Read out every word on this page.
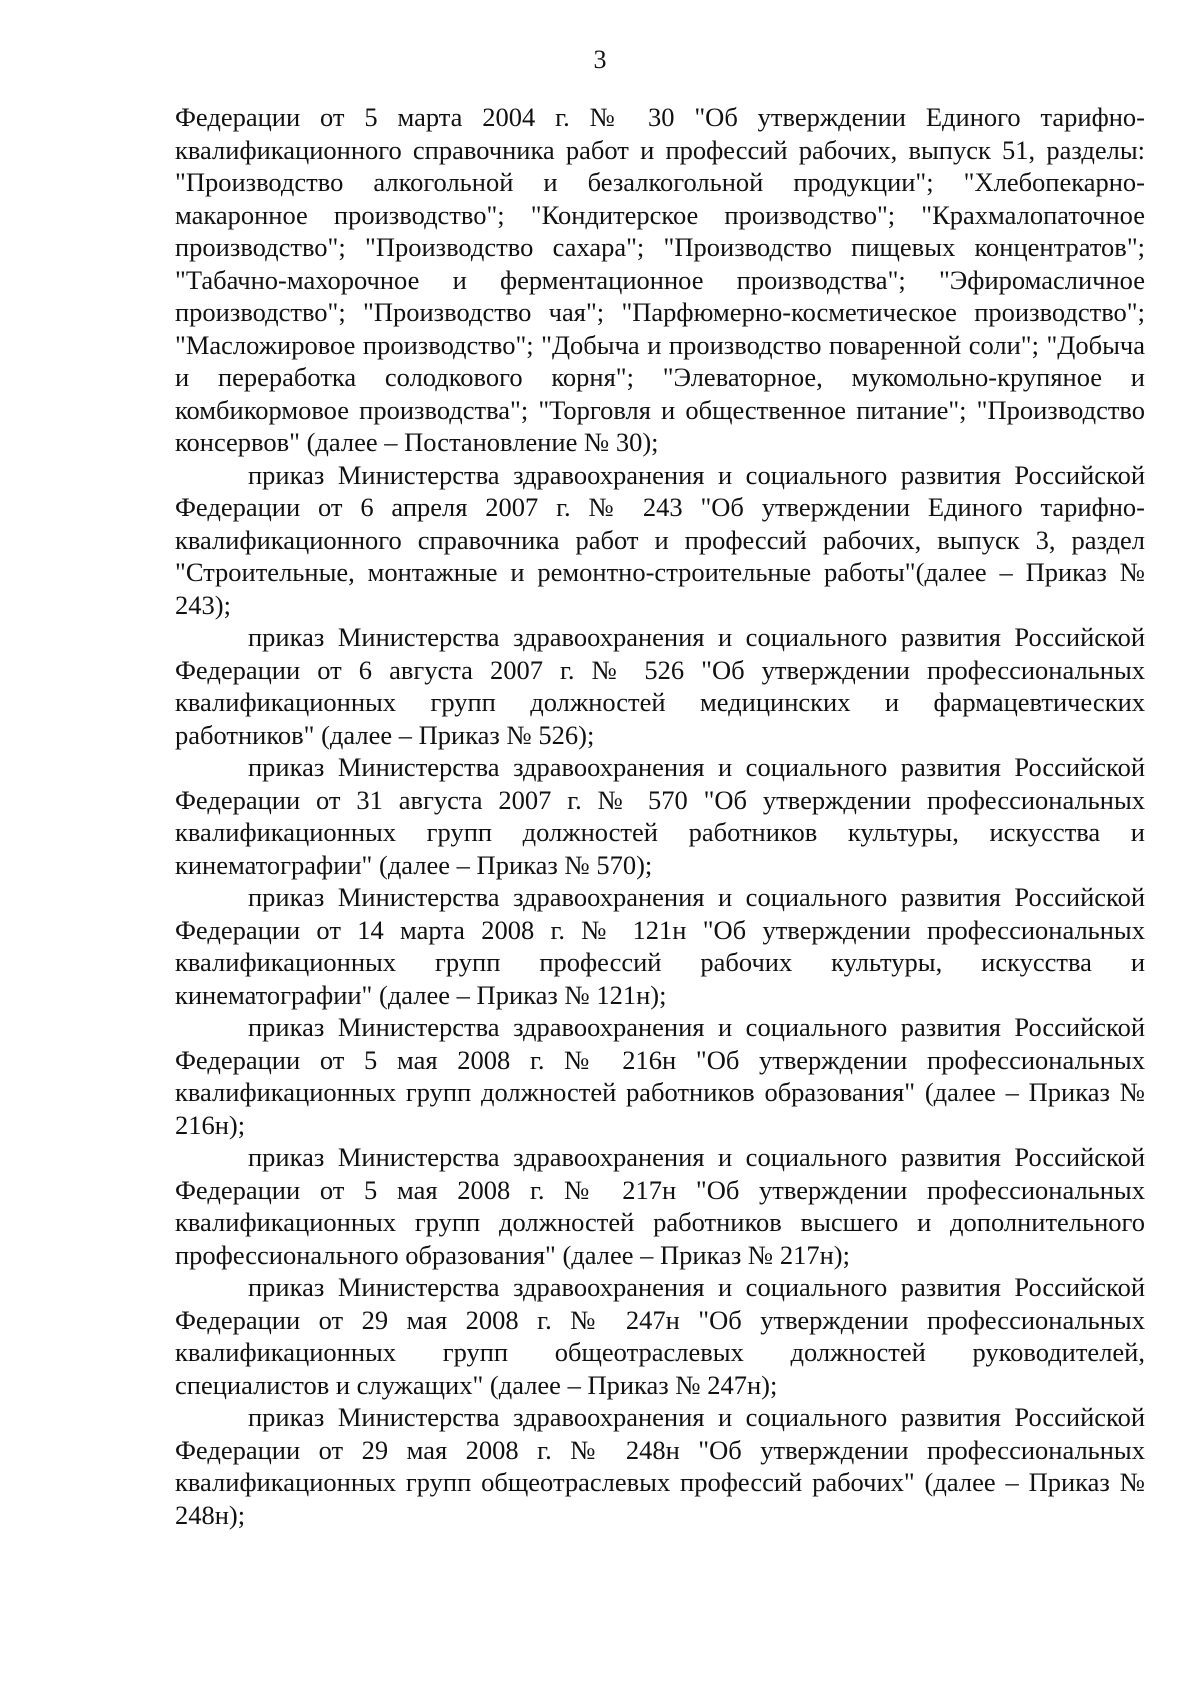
3

Федерации от 5 марта 2004 г. № 30 "Об утверждении Единого тарифно-квалификационного справочника работ и профессий рабочих, выпуск 51, разделы: "Производство алкогольной и безалкогольной продукции"; "Хлебопекарно-макаронное производство"; "Кондитерское производство"; "Крахмалопаточное производство"; "Производство сахара"; "Производство пищевых концентратов"; "Табачно-махорочное и ферментационное производства"; "Эфиромасличное производство"; "Производство чая"; "Парфюмерно-косметическое производство"; "Масложировое производство"; "Добыча и производство поваренной соли"; "Добыча и переработка солодкового корня"; "Элеваторное, мукомольно-крупяное и комбикормовое производства"; "Торговля и общественное питание"; "Производство консервов" (далее – Постановление № 30);

приказ Министерства здравоохранения и социального развития Российской Федерации от 6 апреля 2007 г. № 243 "Об утверждении Единого тарифно-квалификационного справочника работ и профессий рабочих, выпуск 3, раздел "Строительные, монтажные и ремонтно-строительные работы"(далее – Приказ № 243);

приказ Министерства здравоохранения и социального развития Российской Федерации от 6 августа 2007 г. № 526 "Об утверждении профессиональных квалификационных групп должностей медицинских и фармацевтических работников" (далее – Приказ № 526);

приказ Министерства здравоохранения и социального развития Российской Федерации от 31 августа 2007 г. № 570 "Об утверждении профессиональных квалификационных групп должностей работников культуры, искусства и кинематографии" (далее – Приказ № 570);

приказ Министерства здравоохранения и социального развития Российской Федерации от 14 марта 2008 г. № 121н "Об утверждении профессиональных квалификационных групп профессий рабочих культуры, искусства и кинематографии" (далее – Приказ № 121н);

приказ Министерства здравоохранения и социального развития Российской Федерации от 5 мая 2008 г. № 216н "Об утверждении профессиональных квалификационных групп должностей работников образования" (далее – Приказ № 216н);

приказ Министерства здравоохранения и социального развития Российской Федерации от 5 мая 2008 г. № 217н "Об утверждении профессиональных квалификационных групп должностей работников высшего и дополнительного профессионального образования" (далее – Приказ № 217н);

приказ Министерства здравоохранения и социального развития Российской Федерации от 29 мая 2008 г. № 247н "Об утверждении профессиональных квалификационных групп общеотраслевых должностей руководителей, специалистов и служащих" (далее – Приказ № 247н);

приказ Министерства здравоохранения и социального развития Российской Федерации от 29 мая 2008 г. № 248н "Об утверждении профессиональных квалификационных групп общеотраслевых профессий рабочих" (далее – Приказ № 248н);
